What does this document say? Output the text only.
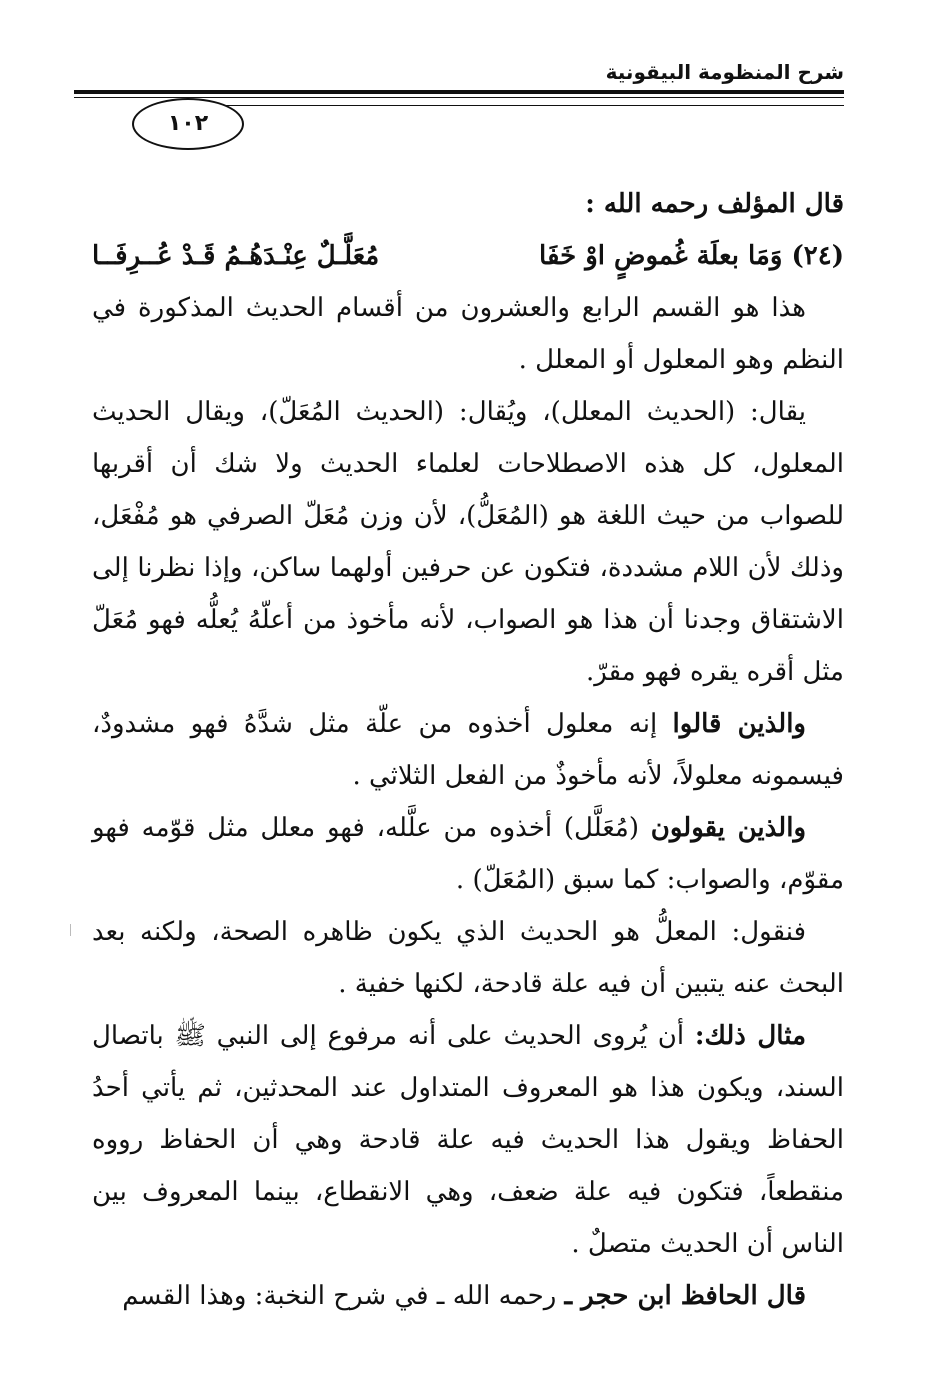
شرح المنظومة البيقونية
١٠٢

قال المؤلف رحمه الله :

(٢٤) وَمَا بعلَة غُموضٍ اوْ خَفَا
مُعَلَّـلٌ عِنْـدَهُـمُ قَـدْ عُــرِفَــا

هذا هو القسم الرابع والعشرون من أقسام الحديث المذكورة في النظم وهو المعلول أو المعلل .

يقال: (الحديث المعلل)، ويُقال: (الحديث المُعَلّ)، ويقال الحديث المعلول، كل هذه الاصطلاحات لعلماء الحديث ولا شك أن أقربها للصواب من حيث اللغة هو (المُعَلُّ)، لأن وزن مُعَلّ الصرفي هو مُفْعَل، وذلك لأن اللام مشددة، فتكون عن حرفين أولهما ساكن، وإذا نظرنا إلى الاشتقاق وجدنا أن هذا هو الصواب، لأنه مأخوذ من أعلّهُ يُعلُّه فهو مُعَلّ مثل أقره يقره فهو مقرّ.

والذين قالوا إنه معلول أخذوه من علّة مثل شدَّهُ فهو مشدودٌ، فيسمونه معلولاً، لأنه مأخوذٌ من الفعل الثلاثي .

والذين يقولون (مُعَلَّل) أخذوه من علَّله، فهو معلل مثل قوّمه فهو مقوّم، والصواب: كما سبق (المُعَلّ) .

فنقول: المعلُّ هو الحديث الذي يكون ظاهره الصحة، ولكنه بعد البحث عنه يتبين أن فيه علة قادحة، لكنها خفية .

مثال ذلك: أن يُروى الحديث على أنه مرفوع إلى النبي ﷺ باتصال السند، ويكون هذا هو المعروف المتداول عند المحدثين، ثم يأتي أحدُ الحفاظ ويقول هذا الحديث فيه علة قادحة وهي أن الحفاظ رووه منقطعاً، فتكون فيه علة ضعف، وهي الانقطاع، بينما المعروف بين الناس أن الحديث متصلٌ .

قال الحافظ ابن حجر ـ رحمه الله ـ في شرح النخبة: وهذا القسم
